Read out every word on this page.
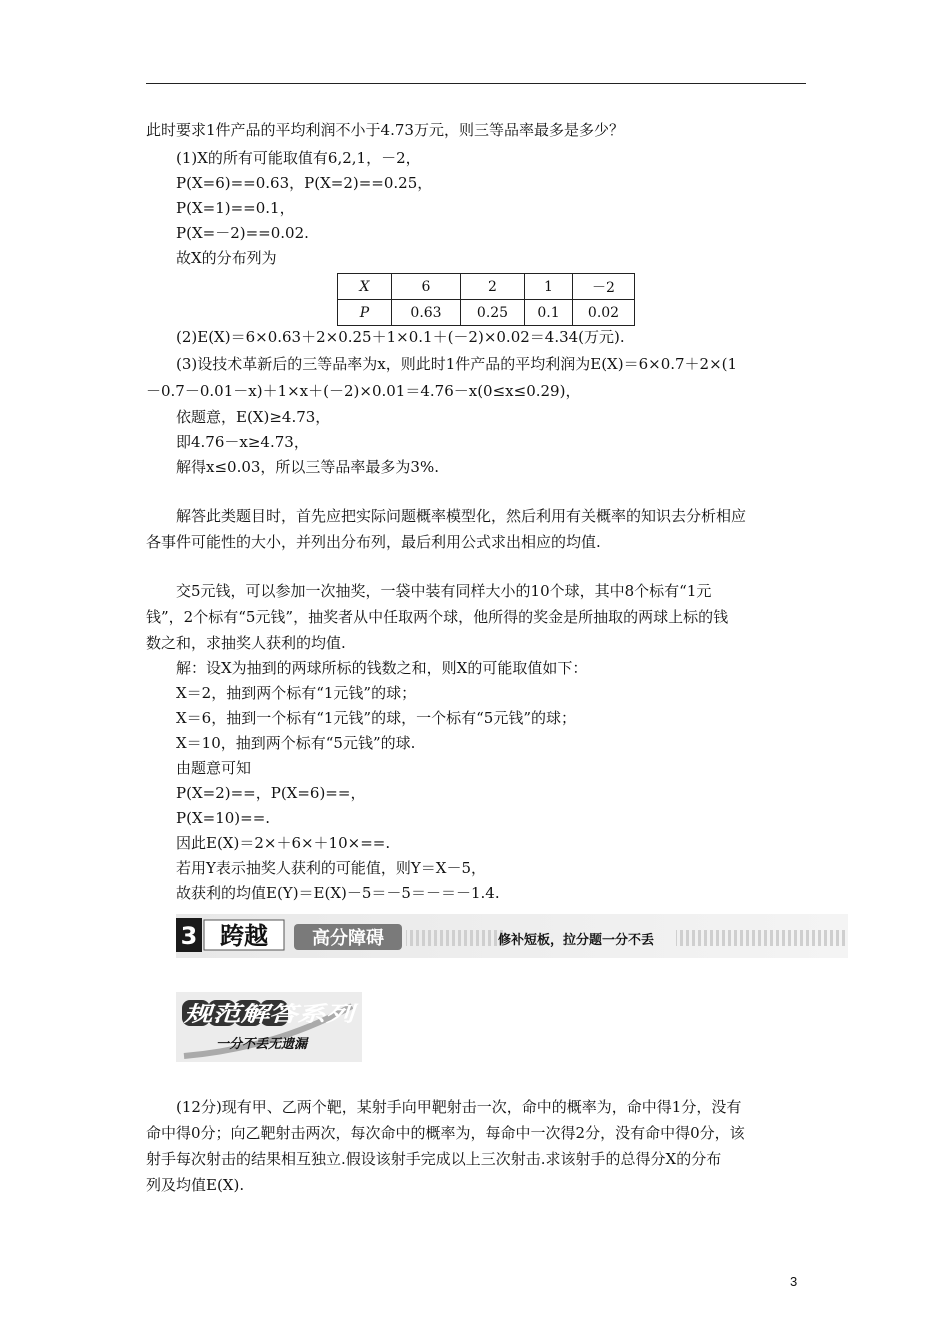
此时要求1件产品的平均利润不小于4.73万元，则三等品率最多是多少？
(1)X的所有可能取值有6,2,1，－2，
P(X=6)==0.63，P(X=2)==0.25，
P(X=1)==0.1，
P(X=－2)==0.02.
故X的分布列为
X	6	2	1	－2
P	0.63	0.25	0.1	0.02
(2)E(X)＝6×0.63＋2×0.25＋1×0.1＋(－2)×0.02＝4.34(万元).
(3)设技术革新后的三等品率为x，则此时1件产品的平均利润为E(X)＝6×0.7＋2×(1
－0.7－0.01－x)＋1×x＋(－2)×0.01＝4.76－x(0≤x≤0.29)，
依题意，E(X)≥4.73，
即4.76－x≥4.73，
解得x≤0.03，所以三等品率最多为3%.
解答此类题目时，首先应把实际问题概率模型化，然后利用有关概率的知识去分析相应
各事件可能性的大小，并列出分布列，最后利用公式求出相应的均值.
交5元钱，可以参加一次抽奖，一袋中装有同样大小的10个球，其中8个标有“1元
钱”，2个标有“5元钱”，抽奖者从中任取两个球，他所得的奖金是所抽取的两球上标的钱
数之和，求抽奖人获利的均值.
解：设X为抽到的两球所标的钱数之和，则X的可能取值如下：
X＝2，抽到两个标有“1元钱”的球；
X＝6，抽到一个标有“1元钱”的球，一个标有“5元钱”的球；
X＝10，抽到两个标有“5元钱”的球.
由题意可知
P(X=2)==，P(X=6)==，
P(X=10)==.
因此E(X)＝2×＋6×＋10×==.
若用Y表示抽奖人获利的可能值，则Y＝X－5，
故获利的均值E(Y)＝E(X)－5＝－5＝－＝－1.4.
3 跨越 高分障碍	修补短板，拉分题一分不丢
规范解答系列
一分不丢无遗漏
(12分)现有甲、乙两个靶，某射手向甲靶射击一次，命中的概率为，命中得1分，没有
命中得0分；向乙靶射击两次，每次命中的概率为，每命中一次得2分，没有命中得0分，该
射手每次射击的结果相互独立.假设该射手完成以上三次射击.求该射手的总得分X的分布
列及均值E(X).
3
